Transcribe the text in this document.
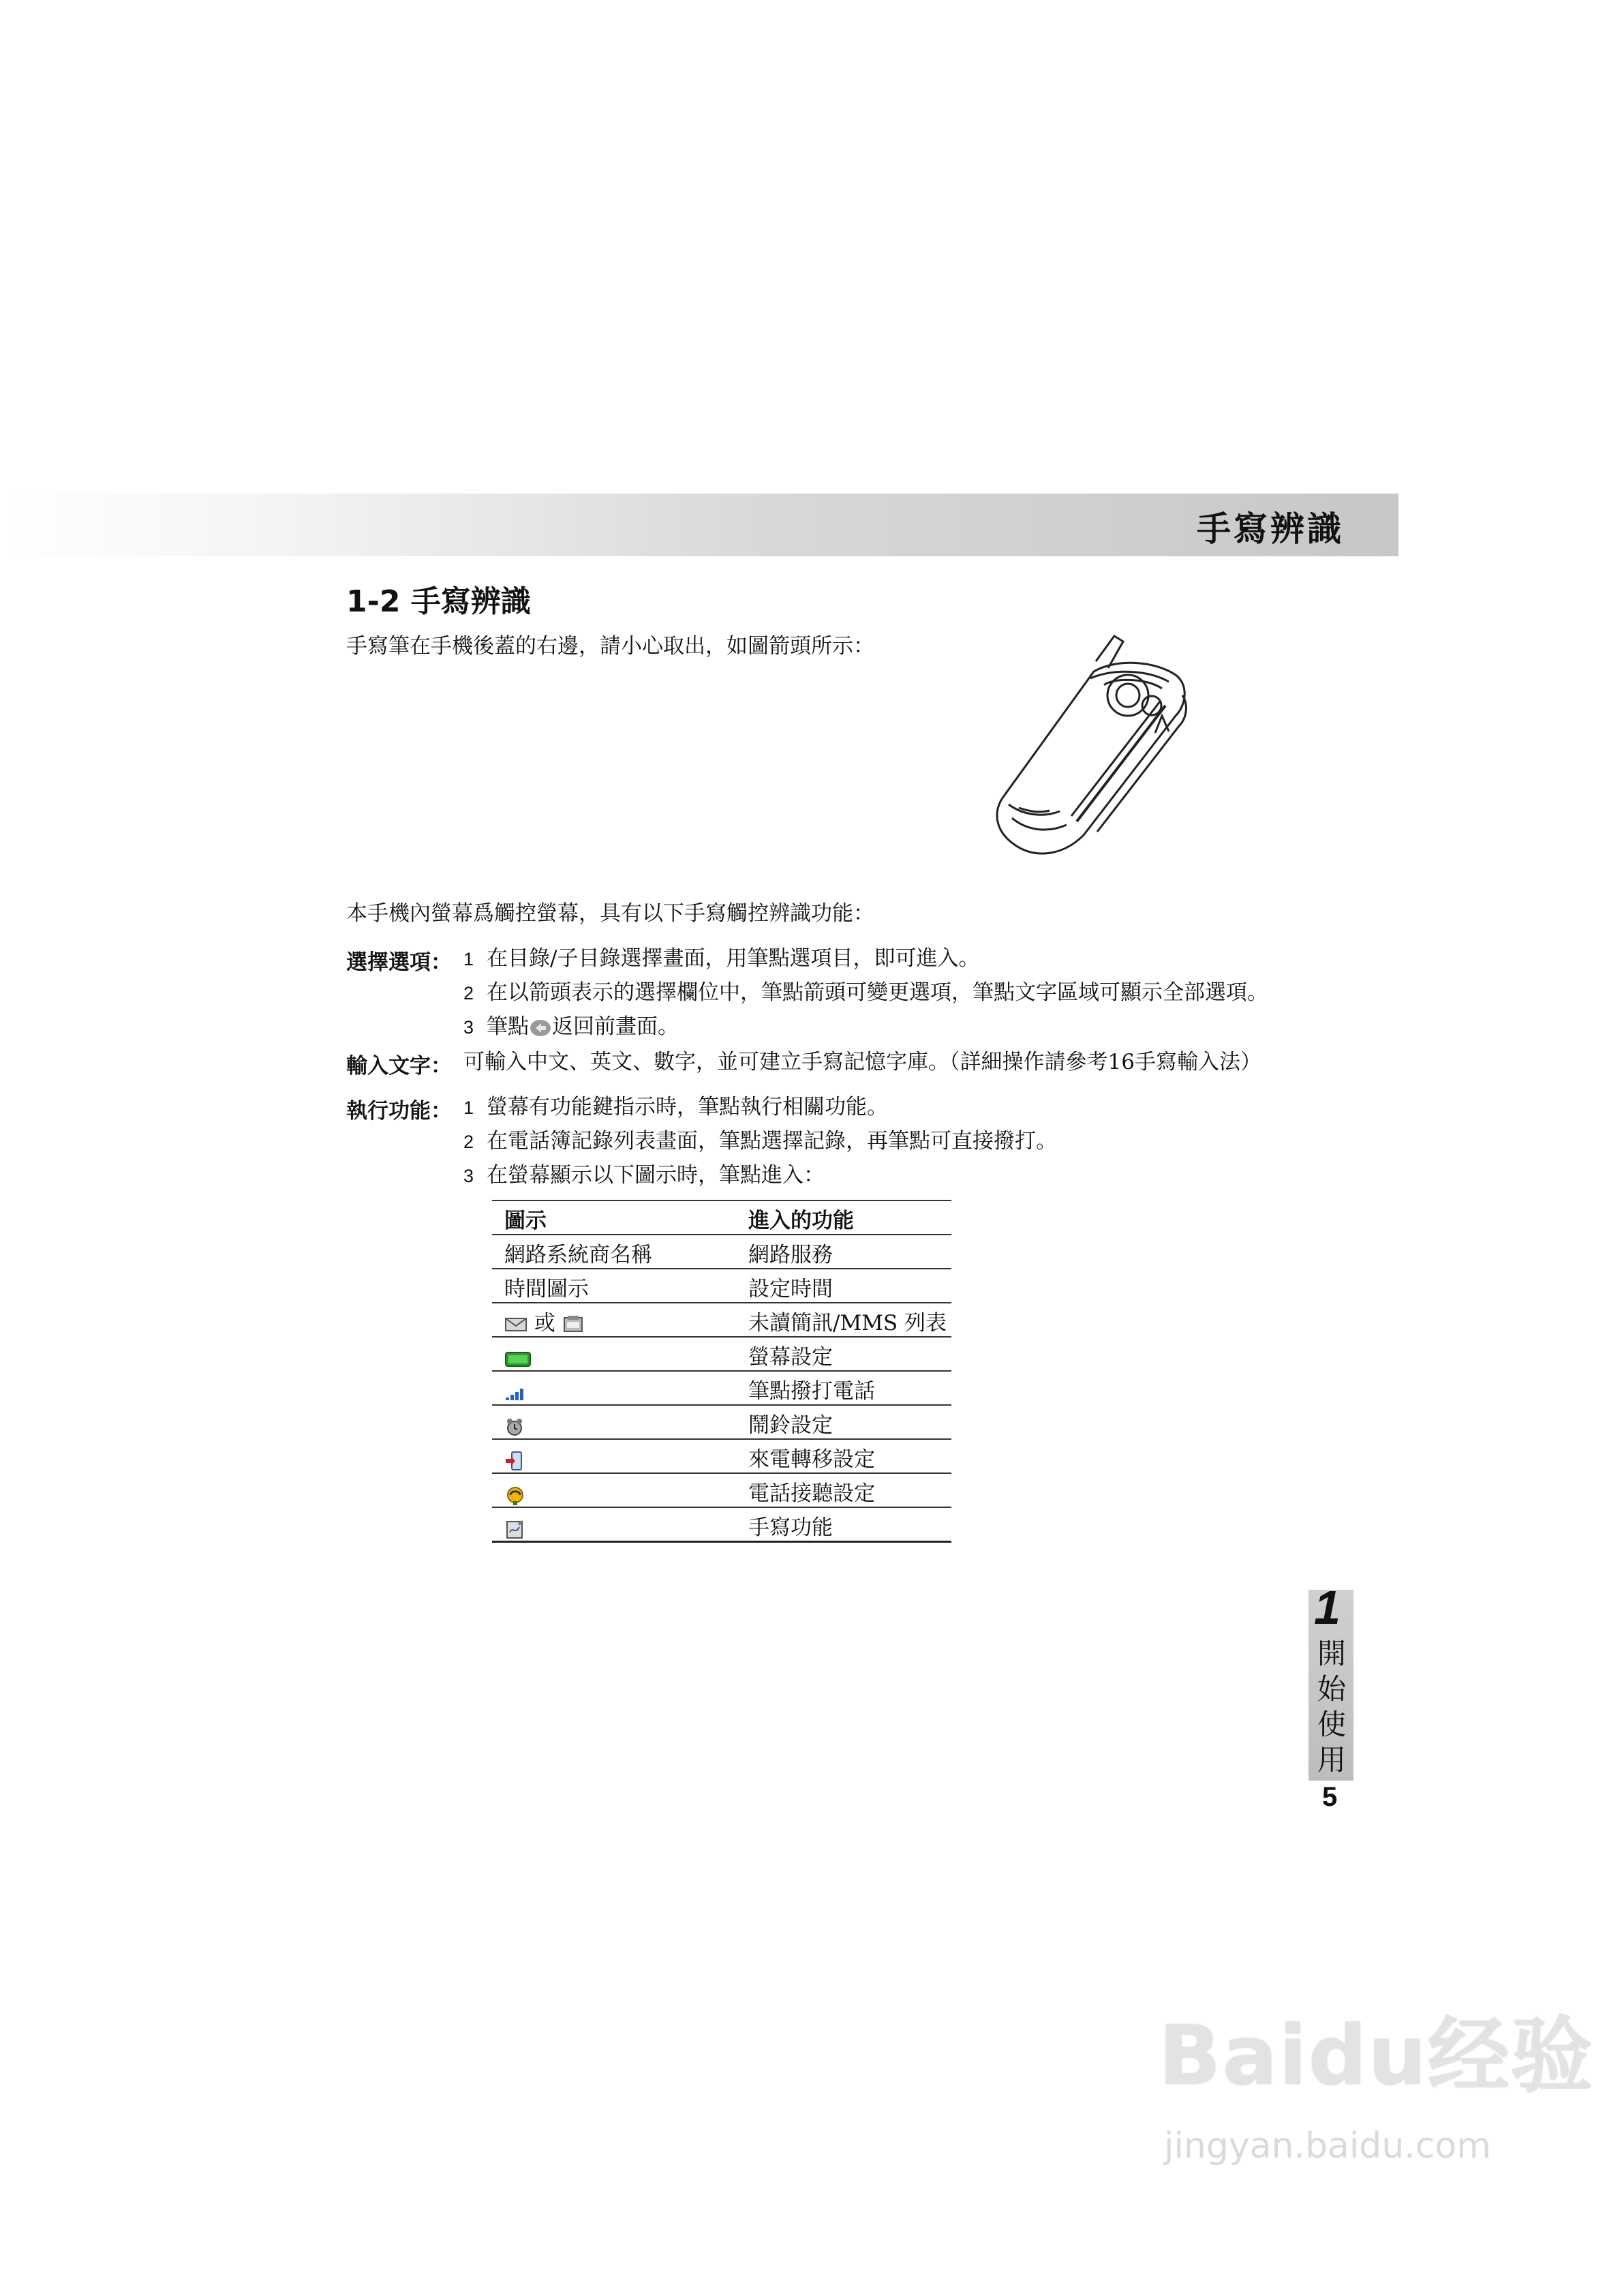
手寫辨識
1-2 手寫辨識
手寫筆在手機後蓋的右邊，請小心取出，如圖箭頭所示：
本手機內螢幕爲觸控螢幕，具有以下手寫觸控辨識功能：
選擇選項： 1 在目錄/子目錄選擇畫面，用筆點選項目，即可進入。
2 在以箭頭表示的選擇欄位中，筆點箭頭可變更選項，筆點文字區域可顯示全部選項。
3 筆點 返回前畫面。
輸入文字： 可輸入中文、英文、數字，並可建立手寫記憶字庫。（詳細操作請參考16手寫輸入法）
執行功能： 1 螢幕有功能鍵指示時，筆點執行相關功能。
2 在電話簿記錄列表畫面，筆點選擇記錄，再筆點可直接撥打。
3 在螢幕顯示以下圖示時，筆點進入：
圖示	進入的功能
網路系統商名稱	網路服務
時間圖示	設定時間
或	未讀簡訊/MMS 列表
	螢幕設定
	筆點撥打電話
	鬧鈴設定
	來電轉移設定
	電話接聽設定
	手寫功能
1
開始使用
5
Baidu经验
jingyan.baidu.com
